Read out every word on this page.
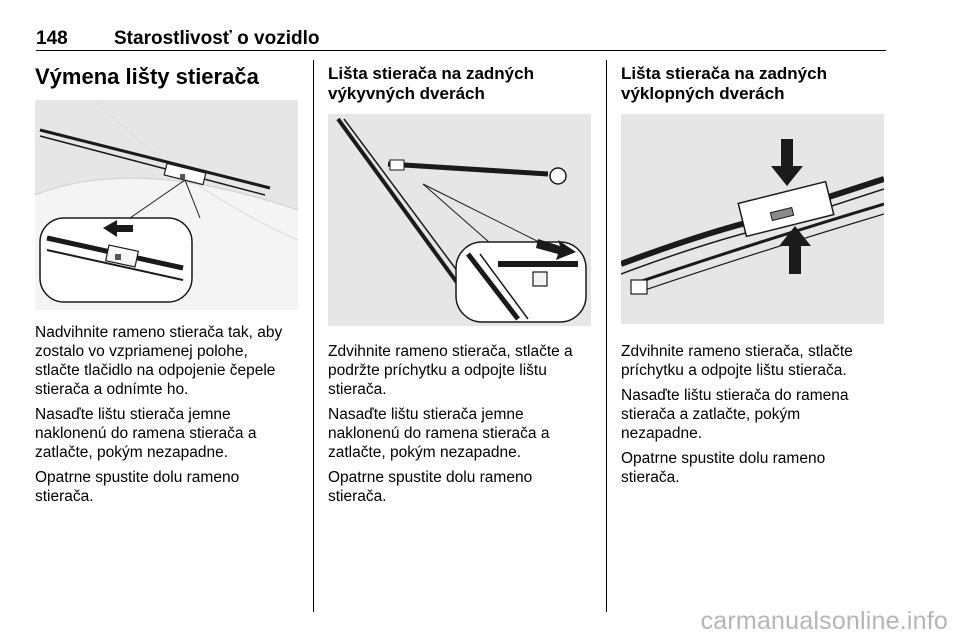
148 Starostlivosť o vozidlo
Výmena lišty stierača

Nadvihnite rameno stierača tak, aby
zostalo vo vzpriamenej polohe,
stlačte tlačidlo na odpojenie čepele
stierača a odnímte ho.

Nasaďte lištu stierača jemne
naklonenú do ramena stierača a
zatlačte, pokým nezapadne.

Opatrne spustite dolu rameno
stierača.

Lišta stierača na zadných
výkyvných dverách

Zdvihnite rameno stierača, stlačte a
podržte príchytku a odpojte lištu
stierača.

Nasaďte lištu stierača jemne
naklonenú do ramena stierača a
zatlačte, pokým nezapadne.

Opatrne spustite dolu rameno
stierača.

Lišta stierača na zadných
výklopných dverách

Zdvihnite rameno stierača, stlačte
príchytku a odpojte lištu stierača.

Nasaďte lištu stierača do ramena
stierača a zatlačte, pokým
nezapadne.

Opatrne spustite dolu rameno
stierača.

carmanualsonline.info
